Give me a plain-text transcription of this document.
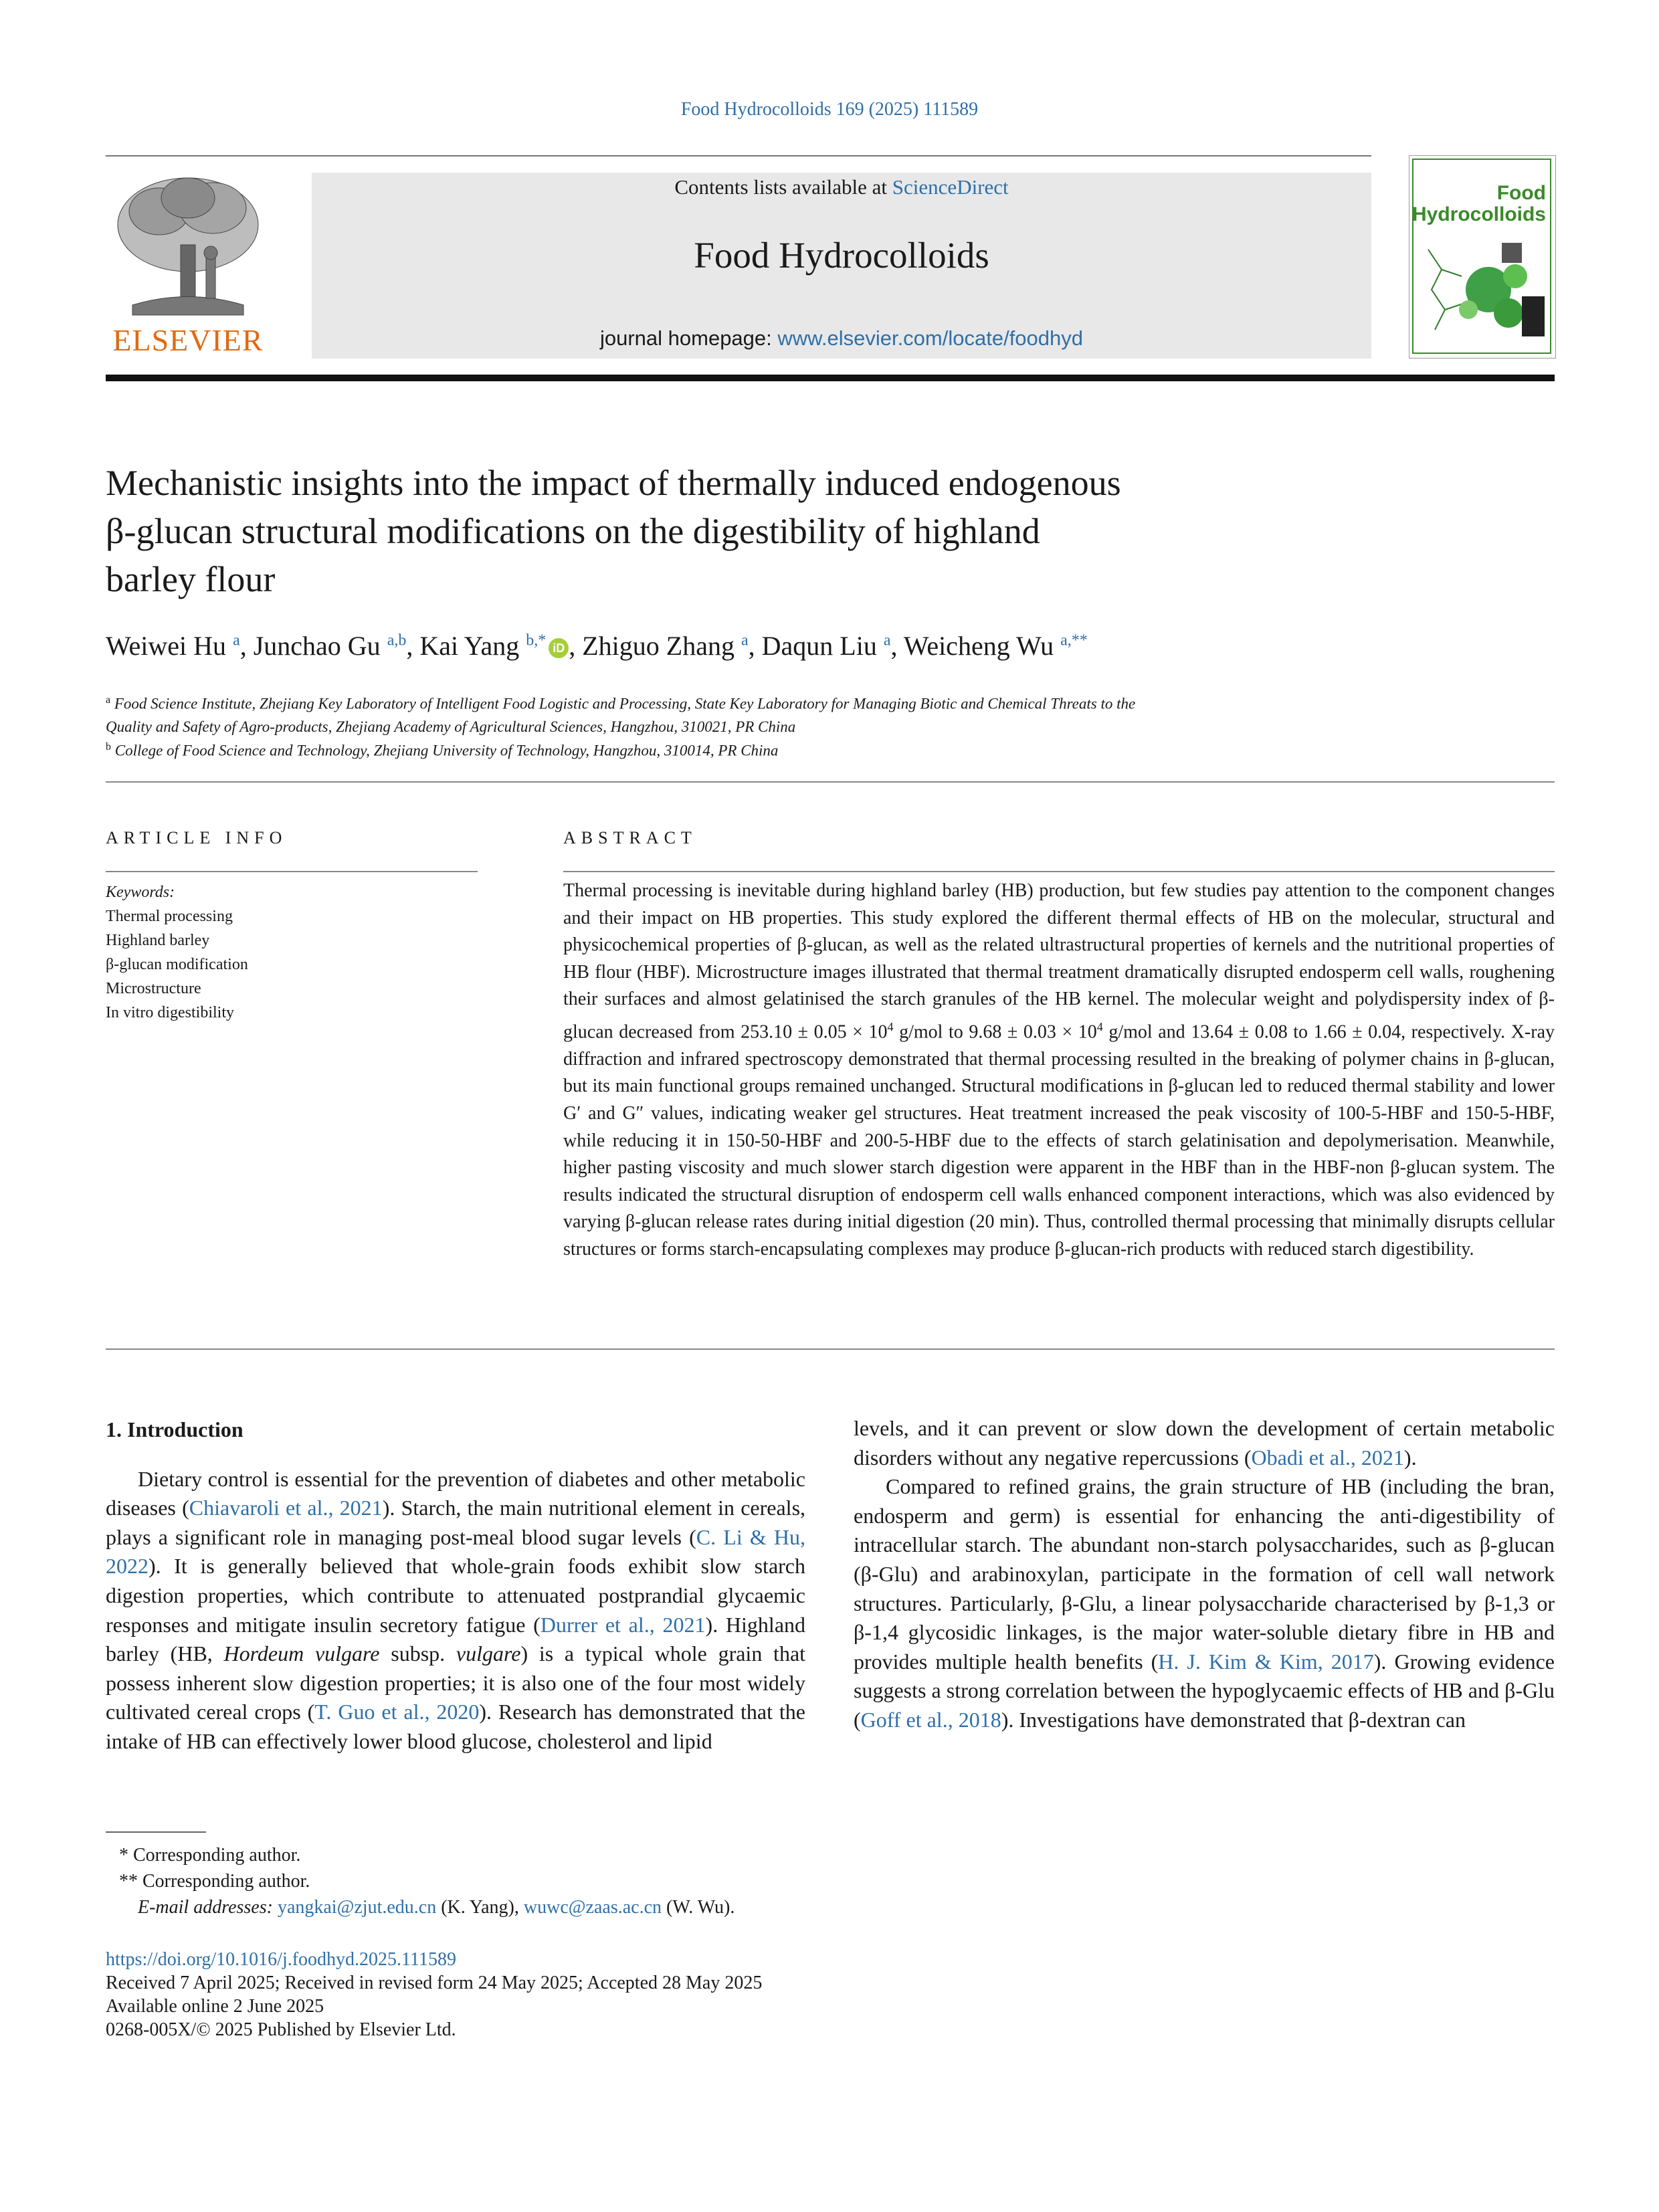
Food Hydrocolloids 169 (2025) 111589
ELSEVIER
Contents lists available at ScienceDirect
Food Hydrocolloids
journal homepage: www.elsevier.com/locate/foodhyd
Food
Hydrocolloids
Mechanistic insights into the impact of thermally induced endogenous
β-glucan structural modifications on the digestibility of highland
barley flour
Weiwei Hu $^a$, Junchao Gu $^{a,b}$, Kai Yang $^{b,*}$ iD , Zhiguo Zhang $^a$, Daqun Liu $^a$, Weicheng Wu $^{a,**}$
$^a$ Food Science Institute, Zhejiang Key Laboratory of Intelligent Food Logistic and Processing, State Key Laboratory for Managing Biotic and Chemical Threats to the
Quality and Safety of Agro-products, Zhejiang Academy of Agricultural Sciences, Hangzhou, 310021, PR China
$^b$ College of Food Science and Technology, Zhejiang University of Technology, Hangzhou, 310014, PR China
ARTICLE INFO	ABSTRACT
Keywords:
Thermal processing
Highland barley
β-glucan modification
Microstructure
In vitro digestibility
Thermal processing is inevitable during highland barley (HB) production, but few studies pay attention to the component changes and their impact on HB properties. This study explored the different thermal effects of HB on the molecular, structural and physicochemical properties of β-glucan, as well as the related ultrastructural properties of kernels and the nutritional properties of HB flour (HBF). Microstructure images illustrated that thermal treatment dramatically disrupted endosperm cell walls, roughening their surfaces and almost gelatinised the starch granules of the HB kernel. The molecular weight and polydispersity index of β-glucan decreased from $253.10 \pm 0.05 \times 10^4$ g/mol to $9.68 \pm 0.03 \times 10^4$ g/mol and 13.64 ± 0.08 to 1.66 ± 0.04, respectively. X-ray diffraction and infrared spectroscopy demonstrated that thermal processing resulted in the breaking of polymer chains in β-glucan, but its main functional groups remained unchanged. Structural modifications in β-glucan led to reduced thermal stability and lower G′ and G″ values, indicating weaker gel structures. Heat treatment increased the peak viscosity of 100-5-HBF and 150-5-HBF, while reducing it in 150-50-HBF and 200-5-HBF due to the effects of starch gelatinisation and depolymerisation. Meanwhile, higher pasting viscosity and much slower starch digestion were apparent in the HBF than in the HBF-non β-glucan system. The results indicated the structural disruption of endosperm cell walls enhanced component interactions, which was also evidenced by varying β-glucan release rates during initial digestion (20 min). Thus, controlled thermal processing that minimally disrupts cellular structures or forms starch-encapsulating complexes may produce β-glucan-rich products with reduced starch digestibility.

1. Introduction

Dietary control is essential for the prevention of diabetes and other metabolic diseases (Chiavaroli et al., 2021). Starch, the main nutritional element in cereals, plays a significant role in managing post-meal blood sugar levels (C. Li & Hu, 2022). It is generally believed that whole-grain foods exhibit slow starch digestion properties, which contribute to attenuated postprandial glycaemic responses and mitigate insulin secretory fatigue (Durrer et al., 2021). Highland barley (HB, Hordeum vulgare subsp. vulgare) is a typical whole grain that possess inherent slow digestion properties; it is also one of the four most widely cultivated cereal crops (T. Guo et al., 2020). Research has demonstrated that the intake of HB can effectively lower blood glucose, cholesterol and lipid

levels, and it can prevent or slow down the development of certain metabolic disorders without any negative repercussions (Obadi et al., 2021).

Compared to refined grains, the grain structure of HB (including the bran, endosperm and germ) is essential for enhancing the anti-digestibility of intracellular starch. The abundant non-starch polysaccharides, such as β-glucan (β-Glu) and arabinoxylan, participate in the formation of cell wall network structures. Particularly, β-Glu, a linear polysaccharide characterised by β-1,3 or β-1,4 glycosidic linkages, is the major water-soluble dietary fibre in HB and provides multiple health benefits (H. J. Kim & Kim, 2017). Growing evidence suggests a strong correlation between the hypoglycaemic effects of HB and β-Glu (Goff et al., 2018). Investigations have demonstrated that β-dextran can

* Corresponding author.
** Corresponding author.
E-mail addresses: yangkai@zjut.edu.cn (K. Yang), wuwc@zaas.ac.cn (W. Wu).
https://doi.org/10.1016/j.foodhyd.2025.111589
Received 7 April 2025; Received in revised form 24 May 2025; Accepted 28 May 2025
Available online 2 June 2025
0268-005X/© 2025 Published by Elsevier Ltd.
